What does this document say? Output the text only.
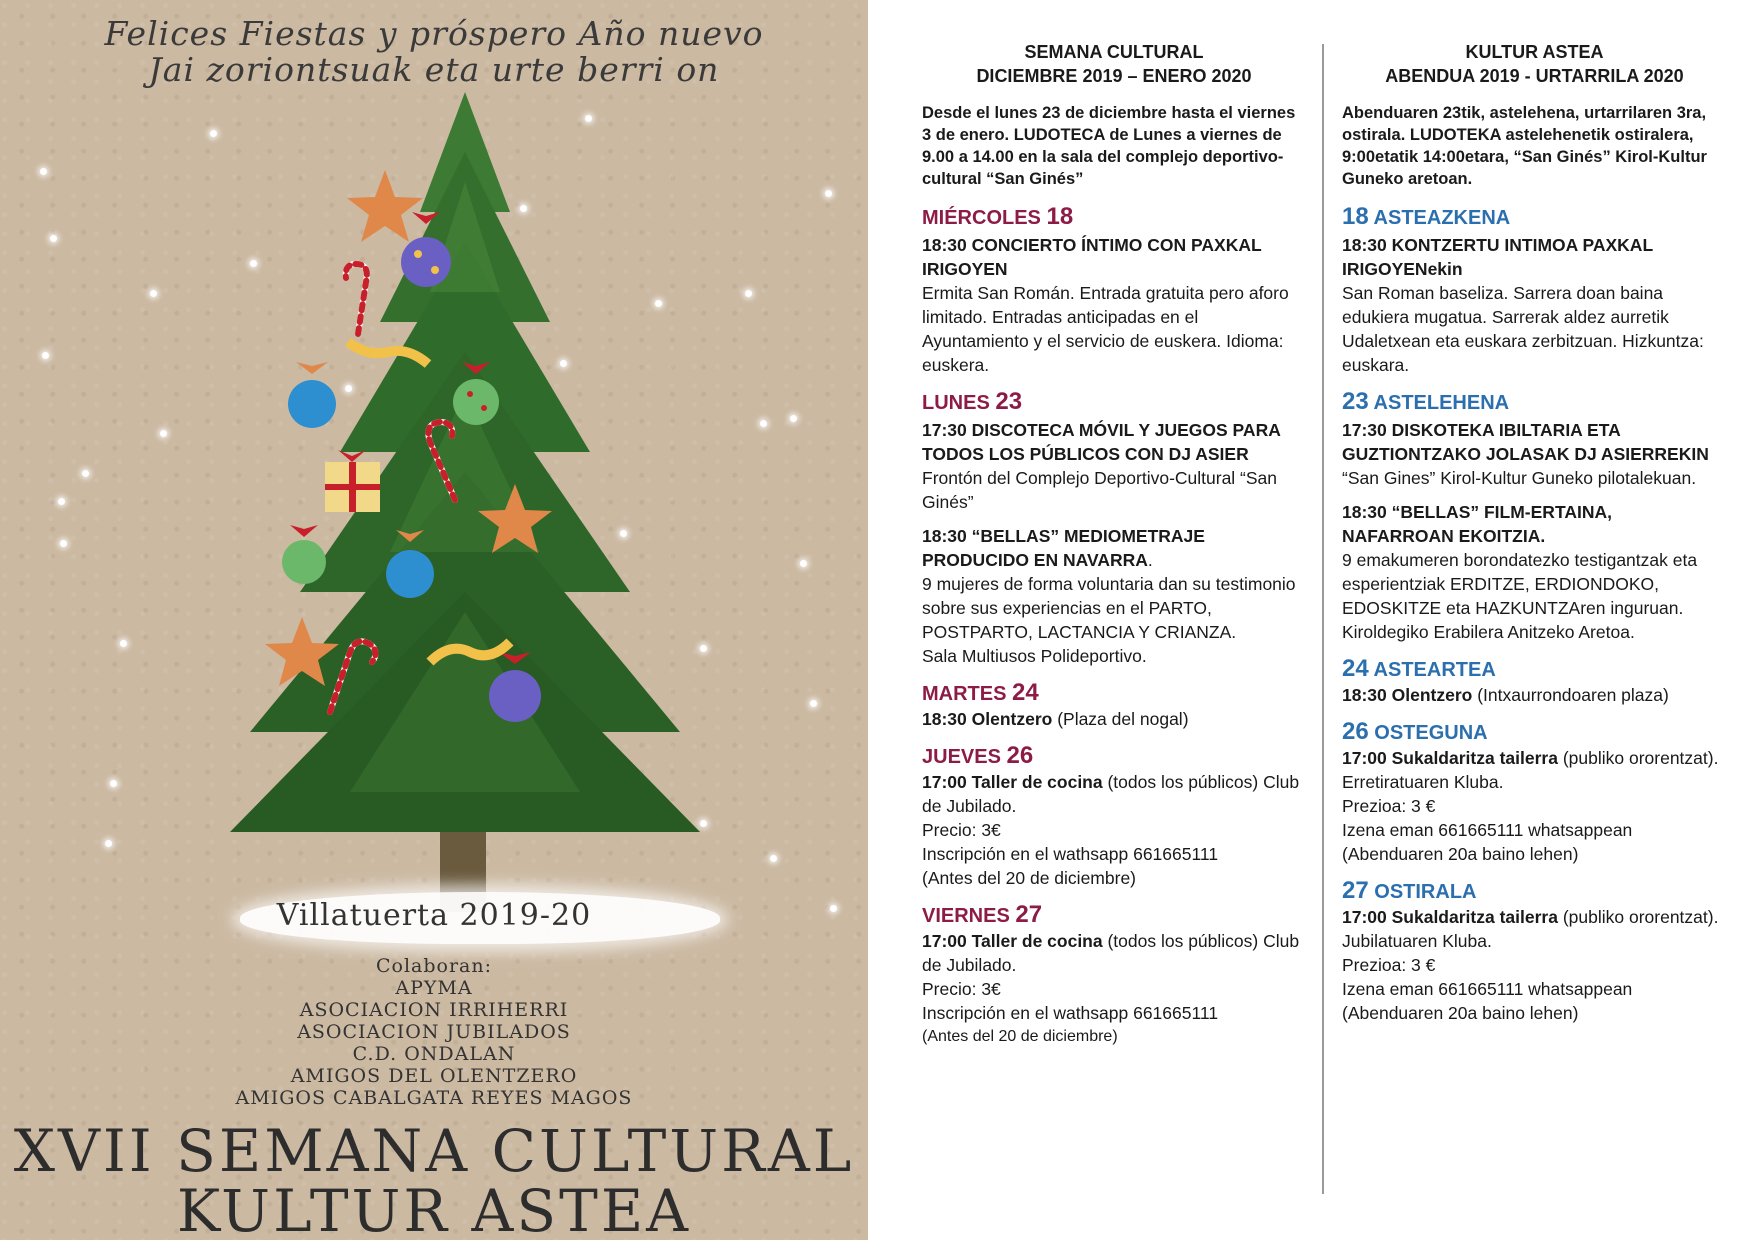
Felices Fiestas y próspero Año nuevo

Jai zoriontsuak eta urte berri on

Villatuerta 2019-20

Colaboran:

APYMA

ASOCIACION IRRIHERRI

ASOCIACION JUBILADOS

C.D. ONDALAN

AMIGOS DEL OLENTZERO

AMIGOS CABALGATA REYES MAGOS

XVII SEMANA CULTURAL

KULTUR ASTEA

SEMANA CULTURAL
DICIEMBRE 2019 – ENERO 2020

Desde el lunes 23 de diciembre hasta el viernes 3 de enero. LUDOTECA de Lunes a viernes de 9.00 a 14.00 en la sala del complejo deportivo-cultural “San Ginés”

MIÉRCOLES 18

18:30 CONCIERTO ÍNTIMO CON PAXKAL IRIGOYEN

Ermita San Román. Entrada gratuita pero aforo limitado. Entradas anticipadas en el Ayuntamiento y el servicio de euskera. Idioma: euskera.

LUNES 23

17:30 DISCOTECA MÓVIL Y JUEGOS PARA TODOS LOS PÚBLICOS CON DJ ASIER

Frontón del Complejo Deportivo-Cultural “San Ginés”

18:30 “BELLAS” MEDIOMETRAJE PRODUCIDO EN NAVARRA.

9 mujeres de forma voluntaria dan su testimonio sobre sus experiencias en el PARTO, POSTPARTO, LACTANCIA Y CRIANZA.

Sala Multiusos Polideportivo.

MARTES 24

18:30 Olentzero (Plaza del nogal)

JUEVES 26

17:00 Taller de cocina (todos los públicos) Club de Jubilado.

Precio: 3€

Inscripción en el wathsapp 661665111

(Antes del 20 de diciembre)

VIERNES 27

17:00 Taller de cocina (todos los públicos) Club de Jubilado.

Precio: 3€

Inscripción en el wathsapp 661665111

(Antes del 20 de diciembre)

KULTUR ASTEA
ABENDUA 2019 - URTARRILA 2020

Abenduaren 23tik, astelehena, urtarrilaren 3ra, ostirala. LUDOTEKA astelehenetik ostiralera, 9:00etatik 14:00etara, “San Ginés” Kirol-Kultur Guneko aretoan.

18 ASTEAZKENA

18:30 KONTZERTU INTIMOA PAXKAL IRIGOYENekin

San Roman baseliza. Sarrera doan baina edukiera mugatua. Sarrerak aldez aurretik Udaletxean eta euskara zerbitzuan. Hizkuntza: euskara.

23 ASTELEHENA

17:30 DISKOTEKA IBILTARIA ETA GUZTIONTZAKO JOLASAK DJ ASIERREKIN

“San Gines” Kirol-Kultur Guneko pilotalekuan.

18:30 “BELLAS” FILM-ERTAINA, NAFARROAN EKOITZIA.

9 emakumeren borondatezko testigantzak eta esperientziak ERDITZE, ERDIONDOKO, EDOSKITZE eta HAZKUNTZAren inguruan.

Kiroldegiko Erabilera Anitzeko Aretoa.

24 ASTEARTEA

18:30 Olentzero (Intxaurrondoaren plaza)

26 OSTEGUNA

17:00 Sukaldaritza tailerra (publiko ororentzat). Erretiratuaren Kluba.

Prezioa: 3 €

Izena eman 661665111 whatsappean

(Abenduaren 20a baino lehen)

27 OSTIRALA

17:00 Sukaldaritza tailerra (publiko ororentzat). Jubilatuaren Kluba.

Prezioa: 3 €

Izena eman 661665111 whatsappean

(Abenduaren 20a baino lehen)
